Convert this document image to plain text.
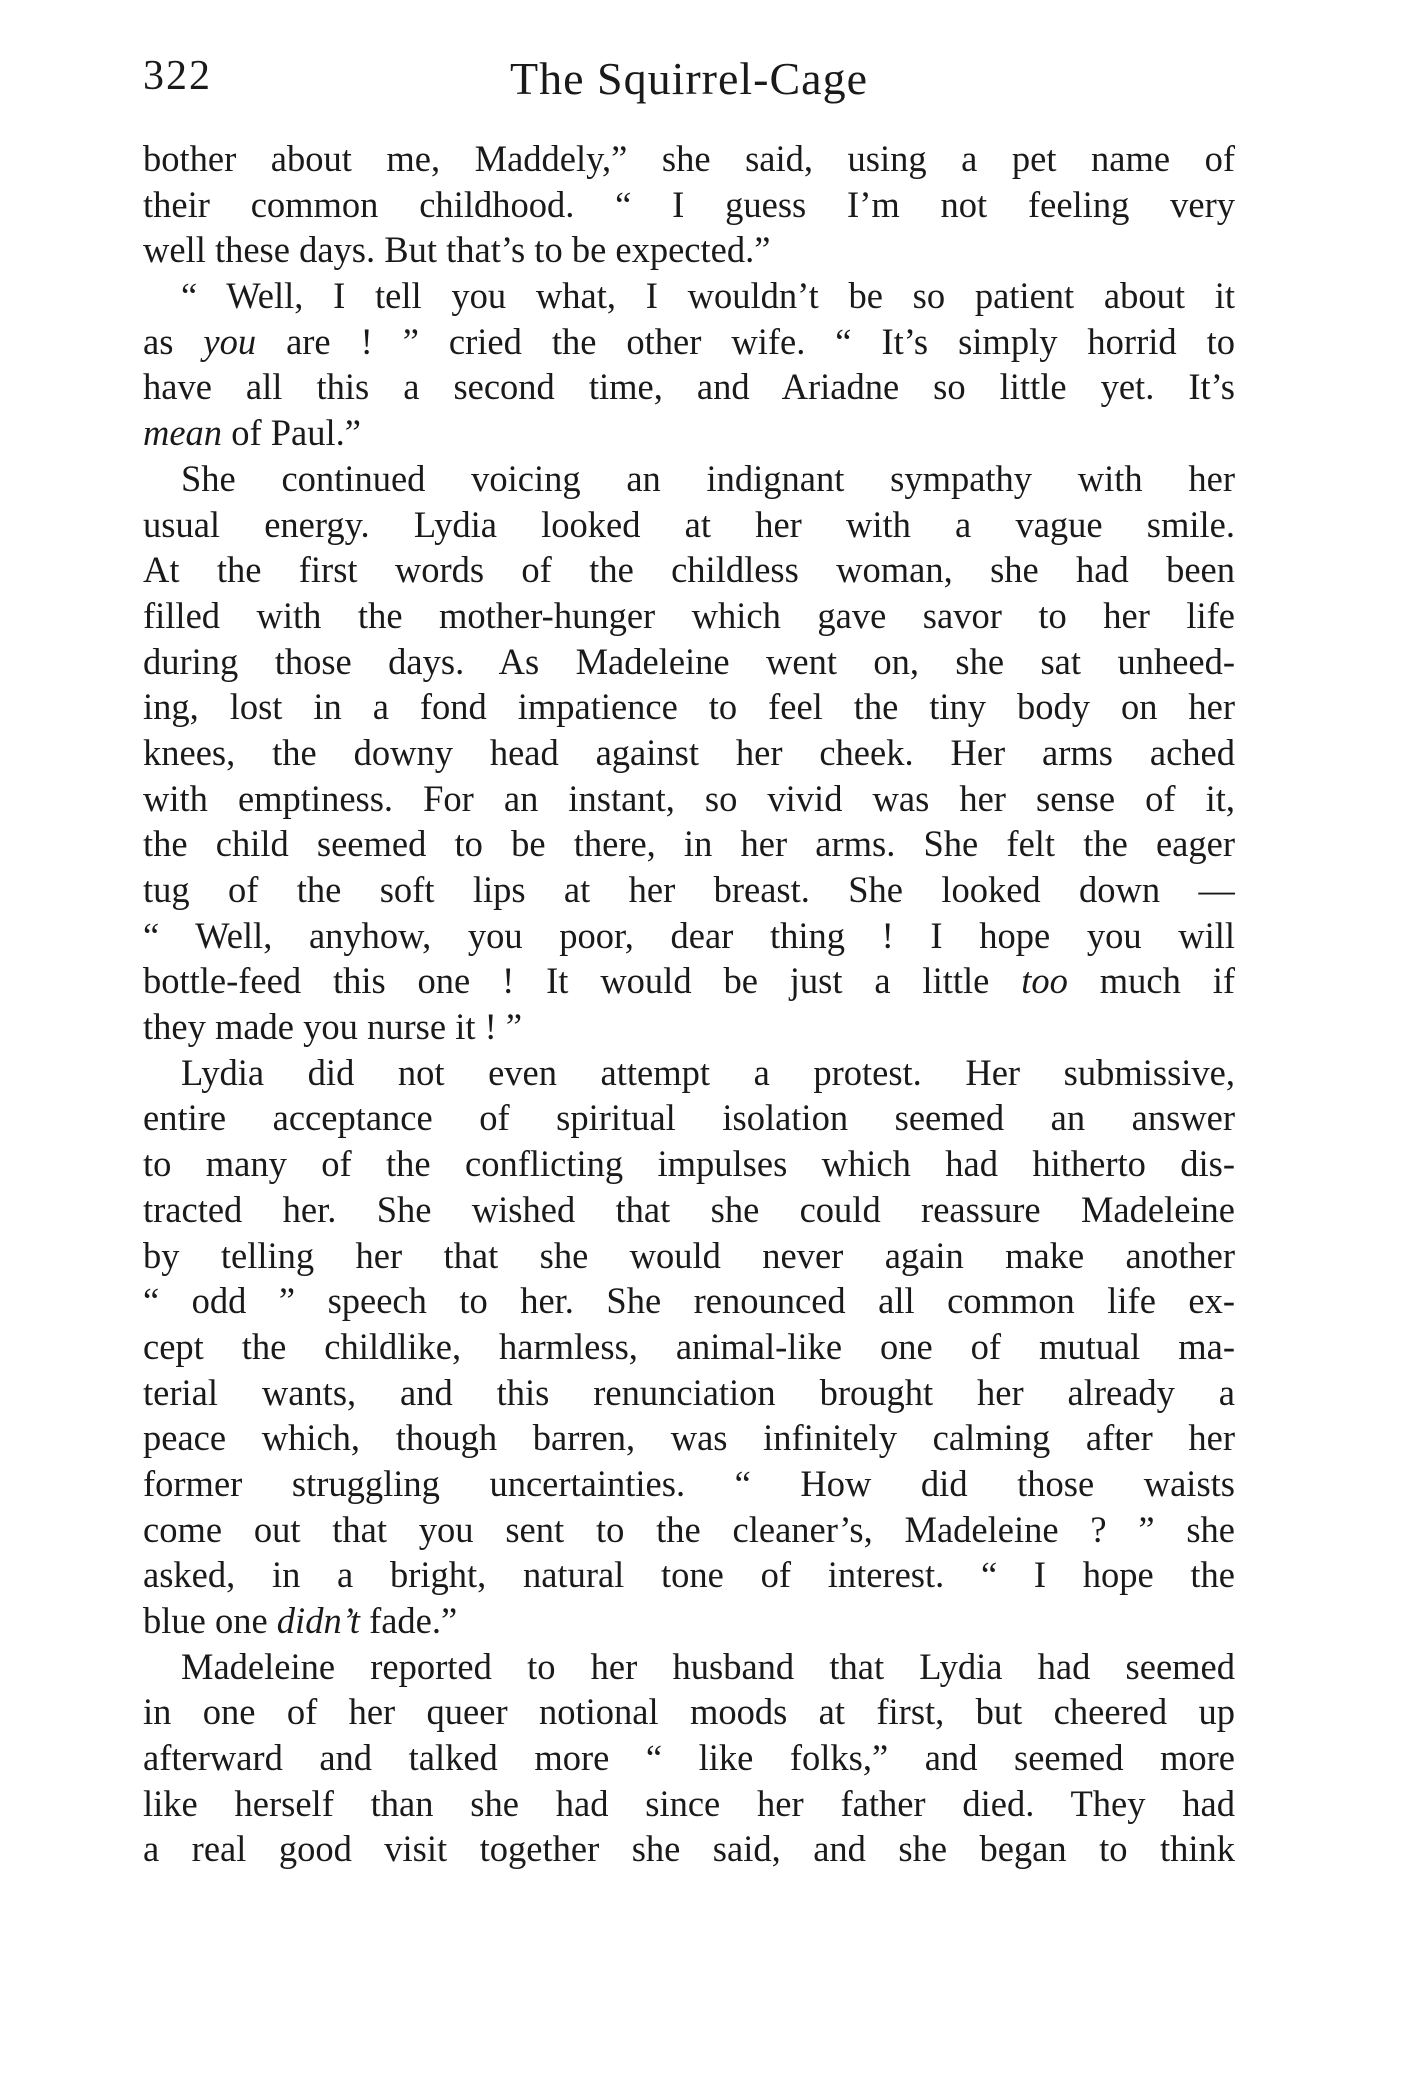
322	The Squirrel-Cage
bother about me, Maddely,” she said, using a pet name of
their common childhood. “ I guess I’m not feeling very
well these days. But that’s to be expected.”
“ Well, I tell you what, I wouldn’t be so patient about it
as you are ! ” cried the other wife. “ It’s simply horrid to
have all this a second time, and Ariadne so little yet. It’s
mean of Paul.”
She continued voicing an indignant sympathy with her
usual energy. Lydia looked at her with a vague smile.
At the first words of the childless woman, she had been
filled with the mother-hunger which gave savor to her life
during those days. As Madeleine went on, she sat unheed-
ing, lost in a fond impatience to feel the tiny body on her
knees, the downy head against her cheek. Her arms ached
with emptiness. For an instant, so vivid was her sense of it,
the child seemed to be there, in her arms. She felt the eager
tug of the soft lips at her breast. She looked down —
“ Well, anyhow, you poor, dear thing ! I hope you will
bottle-feed this one ! It would be just a little too much if
they made you nurse it ! ”
Lydia did not even attempt a protest. Her submissive,
entire acceptance of spiritual isolation seemed an answer
to many of the conflicting impulses which had hitherto dis-
tracted her. She wished that she could reassure Madeleine
by telling her that she would never again make another
“ odd ” speech to her. She renounced all common life ex-
cept the childlike, harmless, animal-like one of mutual ma-
terial wants, and this renunciation brought her already a
peace which, though barren, was infinitely calming after her
former struggling uncertainties. “ How did those waists
come out that you sent to the cleaner’s, Madeleine ? ” she
asked, in a bright, natural tone of interest. “ I hope the
blue one didn’t fade.”
Madeleine reported to her husband that Lydia had seemed
in one of her queer notional moods at first, but cheered up
afterward and talked more “ like folks,” and seemed more
like herself than she had since her father died. They had
a real good visit together she said, and she began to think
